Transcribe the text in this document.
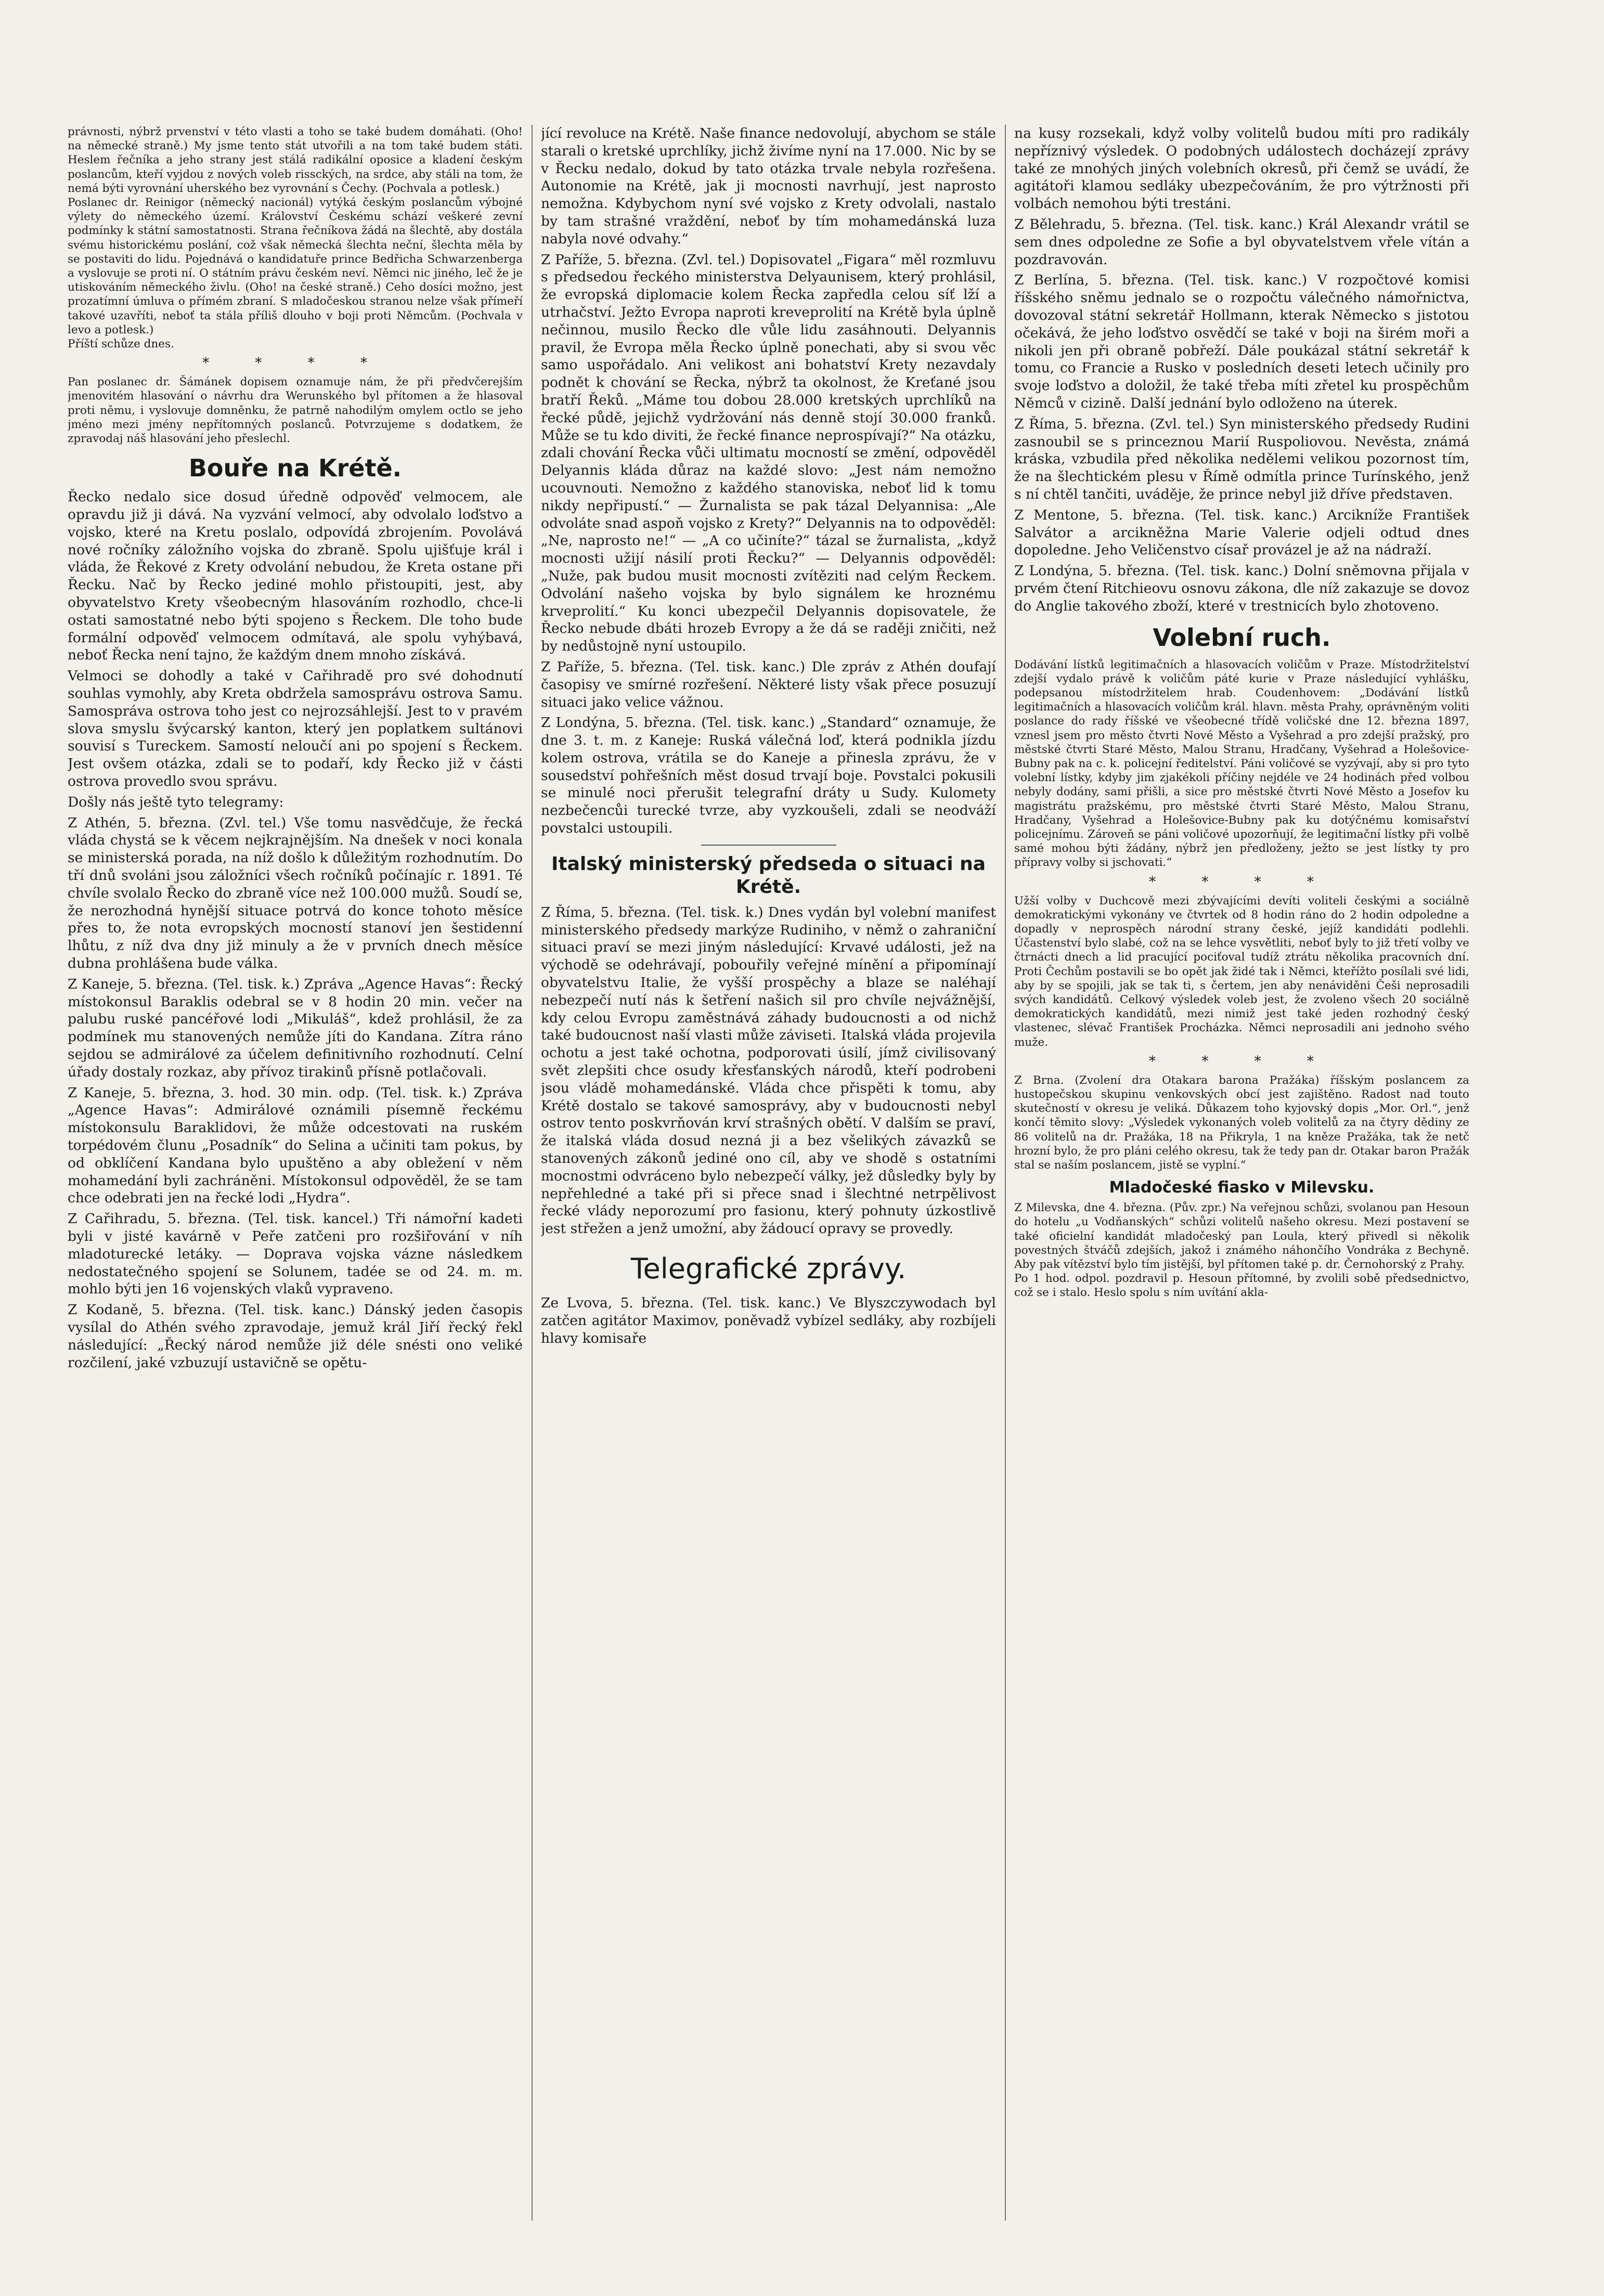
právnosti, nýbrž prvenství v této vlasti a toho se také budem domáhati. (Oho! na německé straně.) My jsme tento stát utvořili a na tom také budem státi. Heslem řečníka a jeho strany jest stálá radikální oposice a kladení českým poslancům, kteří vyjdou z nových voleb rissckých, na srdce, aby stáli na tom, že nemá býti vyrovnání uherského bez vyrovnání s Čechy. (Pochvala a potlesk.)

Poslanec dr. Reinigor (německý nacionál) vytýká českým poslancům výbojné výlety do německého území. Království Českému schází veškeré zevní podmínky k státní samostatnosti. Strana řečníkova žádá na šlechtě, aby dostála svému historickému poslání, což však německá šlechta neční, šlechta měla by se postaviti do lidu. Pojednává o kandidatuře prince Bedřicha Schwarzenberga a vyslovuje se proti ní. O státním právu českém neví. Němci nic jiného, leč že je utiskováním německého živlu. (Oho! na české straně.) Ceho dosíci možno, jest prozatímní úmluva o přímém zbraní. S mladočeskou stranou nelze však přímeří takové uzavříti, neboť ta stála příliš dlouho v boji proti Němcům. (Pochvala v levo a potlesk.)

Příští schůze dnes.

* * * *

Pan poslanec dr. Šámánek dopisem oznamuje nám, že při předvčerejším jmenovitém hlasování o návrhu dra Werunského byl přítomen a že hlasoval proti němu, i vyslovuje domněnku, že patrně nahodilým omylem octlo se jeho jméno mezi jmény nepřítomných poslanců. Potvrzujeme s dodatkem, že zpravodaj náš hlasování jeho přeslechl.

Bouře na Krétě.

Řecko nedalo sice dosud úředně odpověď velmocem, ale opravdu již ji dává. Na vyzvání velmocí, aby odvolalo loďstvo a vojsko, které na Kretu poslalo, odpovídá zbrojením. Povolává nové ročníky záložního vojska do zbraně. Spolu ujišťuje král i vláda, že Řekové z Krety odvolání nebudou, že Kreta ostane při Řecku. Nač by Řecko jediné mohlo přistoupiti, jest, aby obyvatelstvo Krety všeobecným hlasováním rozhodlo, chce-li ostati samostatné nebo býti spojeno s Řeckem. Dle toho bude formální odpověď velmocem odmítavá, ale spolu vyhýbavá, neboť Řecka není tajno, že každým dnem mnoho získává.

Velmoci se dohodly a také v Cařihradě pro své dohodnutí souhlas vymohly, aby Kreta obdržela samosprávu ostrova Samu. Samospráva ostrova toho jest co nejrozsáhlejší. Jest to v pravém slova smyslu švýcarský kanton, který jen poplatkem sultánovi souvisí s Tureckem. Samostí neloučí ani po spojení s Řeckem. Jest ovšem otázka, zdali se to podaří, kdy Řecko již v části ostrova provedlo svou správu.

Došly nás ještě tyto telegramy:

Z Athén, 5. března. (Zvl. tel.) Vše tomu nasvědčuje, že řecká vláda chystá se k věcem nejkrajnějším. Na dnešek v noci konala se ministerská porada, na níž došlo k důležitým rozhodnutím. Do tří dnů svoláni jsou záložníci všech ročníků počínajíc r. 1891. Té chvíle svolalo Řecko do zbraně více než 100.000 mužů. Soudí se, že nerozhodná hynější situace potrvá do konce tohoto měsíce přes to, že nota evropských mocností stanoví jen šestidenní lhůtu, z níž dva dny již minuly a že v prvních dnech měsíce dubna prohlášena bude válka.

Z Kaneje, 5. března. (Tel. tisk. k.) Zpráva „Agence Havas“: Řecký místokonsul Baraklis odebral se v 8 hodin 20 min. večer na palubu ruské pancéřové lodi „Mikuláš“, kdež prohlásil, že za podmínek mu stanovených nemůže jíti do Kandana. Zítra ráno sejdou se admirálové za účelem definitivního rozhodnutí. Celní úřady dostaly rozkaz, aby přívoz tirakinů přísně potlačovali.

Z Kaneje, 5. března, 3. hod. 30 min. odp. (Tel. tisk. k.) Zpráva „Agence Havas“: Admirálové oznámili písemně řeckému místokonsulu Baraklidovi, že může odcestovati na ruském torpédovém člunu „Posadník“ do Selina a učiniti tam pokus, by od obklíčení Kandana bylo upuštěno a aby obležení v něm mohamedání byli zachráněni. Místokonsul odpověděl, že se tam chce odebrati jen na řecké lodi „Hydra“.

Z Cařihradu, 5. března. (Tel. tisk. kancel.) Tři námořní kadeti byli v jisté kavárně v Peře zatčeni pro rozšiřování v níh mladoturecké letáky. — Doprava vojska vázne následkem nedostatečného spojení se Solunem, tadée se od 24. m. m. mohlo býti jen 16 vojenských vlaků vypraveno.

Z Kodaně, 5. března. (Tel. tisk. kanc.) Dánský jeden časopis vysílal do Athén svého zpravodaje, jemuž král Jiří řecký řekl následující: „Řecký národ nemůže již déle snésti ono veliké rozčilení, jaké vzbuzují ustavičně se opětu-

jící revoluce na Krétě. Naše finance nedovolují, abychom se stále starali o kretské uprchlíky, jichž živíme nyní na 17.000. Nic by se v Řecku nedalo, dokud by tato otázka trvale nebyla rozřešena. Autonomie na Krétě, jak ji mocnosti navrhují, jest naprosto nemožna. Kdybychom nyní své vojsko z Krety odvolali, nastalo by tam strašné vraždění, neboť by tím mohamedánská luza nabyla nové odvahy.“

Z Paříže, 5. března. (Zvl. tel.) Dopisovatel „Figara“ měl rozmluvu s předsedou řeckého ministerstva Delyaunisem, který prohlásil, že evropská diplomacie kolem Řecka zapředla celou síť lží a utrhačství. Ježto Evropa naproti kreveprolití na Krétě byla úplně nečinnou, musilo Řecko dle vůle lidu zasáhnouti. Delyannis pravil, že Evropa měla Řecko úplně ponechati, aby si svou věc samo uspořádalo. Ani velikost ani bohatství Krety nezavdaly podnět k chování se Řecka, nýbrž ta okolnost, že Kreťané jsou bratří Řeků. „Máme tou dobou 28.000 kretských uprchlíků na řecké půdě, jejichž vydržování nás denně stojí 30.000 franků. Může se tu kdo diviti, že řecké finance neprospívají?“ Na otázku, zdali chování Řecka vůči ultimatu mocností se změní, odpověděl Delyannis kláda důraz na každé slovo: „Jest nám nemožno ucouvnouti. Nemožno z každého stanoviska, neboť lid k tomu nikdy nepřipustí.“ — Žurnalista se pak tázal Delyannisa: „Ale odvoláte snad aspoň vojsko z Krety?“ Delyannis na to odpověděl: „Ne, naprosto ne!“ — „A co učiníte?“ tázal se žurnalista, „když mocnosti užijí násilí proti Řecku?“ — Delyannis odpověděl: „Nuže, pak budou musit mocnosti zvítěziti nad celým Řeckem. Odvolání našeho vojska by bylo signálem ke hroznému krveprolití.“ Ku konci ubezpečil Delyannis dopisovatele, že Řecko nebude dbáti hrozeb Evropy a že dá se raději zničiti, než by nedůstojně nyní ustoupilo.

Z Paříže, 5. března. (Tel. tisk. kanc.) Dle zpráv z Athén doufají časopisy ve smírné rozřešení. Některé listy však přece posuzují situaci jako velice vážnou.

Z Londýna, 5. března. (Tel. tisk. kanc.) „Standard“ oznamuje, že dne 3. t. m. z Kaneje: Ruská válečná loď, která podnikla jízdu kolem ostrova, vrátila se do Kaneje a přinesla zprávu, že v sousedství pohřešních měst dosud trvají boje. Povstalci pokusili se minulé noci přerušit telegrafní dráty u Sudy. Kulomety nezbečencůi turecké tvrze, aby vyzkoušeli, zdali se neodváží povstalci ustoupili.

Italský ministerský předseda o situaci na Krétě.

Z Říma, 5. března. (Tel. tisk. k.) Dnes vydán byl volební manifest ministerského předsedy markýze Rudiniho, v němž o zahraniční situaci praví se mezi jiným následující: Krvavé události, jež na východě se odehrávají, pobouřily veřejné mínění a připomínají obyvatelstvu Italie, že vyšší prospěchy a blaze se naléhají nebezpečí nutí nás k šetření našich sil pro chvíle nejvážnější, kdy celou Evropu zaměstnává záhady budoucnosti a od nichž také budoucnost naší vlasti může záviseti. Italská vláda projevila ochotu a jest také ochotna, podporovati úsilí, jímž civilisovaný svět zlepšiti chce osudy křesťanských národů, kteří podrobeni jsou vládě mohamedánské. Vláda chce přispěti k tomu, aby Krétě dostalo se takové samosprávy, aby v budoucnosti nebyl ostrov tento poskvrňován krví strašných obětí. V dalším se praví, že italská vláda dosud nezná ji a bez všelikých závazků se stanovených zákonů jediné ono cíl, aby ve shodě s ostatními mocnostmi odvráceno bylo nebezpečí války, jež důsledky byly by nepřehledné a také při si přece snad i šlechtné netrpělivost řecké vlády neporozumí pro fasionu, který pohnuty úzkostlivě jest střežen a jenž umožní, aby žádoucí opravy se provedly.

Telegrafické zprávy.

Ze Lvova, 5. března. (Tel. tisk. kanc.) Ve Blyszczywodach byl zatčen agitátor Maximov, poněvadž vybízel sedláky, aby rozbíjeli hlavy komisaře

na kusy rozsekali, když volby volitelů budou míti pro radikály nepříznivý výsledek. O podobných událostech docházejí zprávy také ze mnohých jiných volebních okresů, při čemž se uvádí, že agitátoři klamou sedláky ubezpečováním, že pro výtržnosti při volbách nemohou býti trestáni.

Z Bělehradu, 5. března. (Tel. tisk. kanc.) Král Alexandr vrátil se sem dnes odpoledne ze Sofie a byl obyvatelstvem vřele vítán a pozdravován.

Z Berlína, 5. března. (Tel. tisk. kanc.) V rozpočtové komisi říšského sněmu jednalo se o rozpočtu válečného námořnictva, dovozoval státní sekretář Hollmann, kterak Německo s jistotou očekává, že jeho loďstvo osvědčí se také v boji na širém moři a nikoli jen při obraně pobřeží. Dále poukázal státní sekretář k tomu, co Francie a Rusko v posledních deseti letech učinily pro svoje loďstvo a doložil, že také třeba míti zřetel ku prospěchům Němců v cizině. Další jednání bylo odloženo na úterek.

Z Říma, 5. března. (Zvl. tel.) Syn ministerského předsedy Rudini zasnoubil se s princeznou Marií Ruspoliovou. Nevěsta, známá kráska, vzbudila před několika nedělemi velikou pozornost tím, že na šlechtickém plesu v Římě odmítla prince Turínského, jenž s ní chtěl tančiti, uváděje, že prince nebyl již dříve představen.

Z Mentone, 5. března. (Tel. tisk. kanc.) Arcikníže František Salvátor a arcikněžna Marie Valerie odjeli odtud dnes dopoledne. Jeho Veličenstvo císař provázel je až na nádraží.

Z Londýna, 5. března. (Tel. tisk. kanc.) Dolní sněmovna přijala v prvém čtení Ritchieovu osnovu zákona, dle níž zakazuje se dovoz do Anglie takového zboží, které v trestnicích bylo zhotoveno.

Volební ruch.

Dodávání lístků legitimačních a hlasovacích voličům v Praze. Místodržitelství zdejší vydalo právě k voličům páté kurie v Praze následující vyhlášku, podepsanou místodržitelem hrab. Coudenhovem: „Dodávání lístků legitimačních a hlasovacích voličům král. hlavn. města Prahy, oprávněným voliti poslance do rady říšské ve všeobecné třídě voličské dne 12. března 1897, vznesl jsem pro město čtvrti Nové Město a Vyšehrad a pro zdejší pražský, pro městské čtvrti Staré Město, Malou Stranu, Hradčany, Vyšehrad a Holešovice-Bubny pak na c. k. policejní ředitelství. Páni voličové se vyzývají, aby si pro tyto volební lístky, kdyby jim zjakékoli příčiny nejdéle ve 24 hodinách před volbou nebyly dodány, sami přišli, a sice pro městské čtvrti Nové Město a Josefov ku magistrátu pražskému, pro městské čtvrti Staré Město, Malou Stranu, Hradčany, Vyšehrad a Holešovice-Bubny pak ku dotýčnému komisařství policejnímu. Zároveň se páni voličové upozorňují, že legitimační lístky při volbě samé mohou býti žádány, nýbrž jen předloženy, ježto se jest lístky ty pro přípravy volby si jschovati.“

* * * *

Užší volby v Duchcově mezi zbývajícími devíti voliteli českými a sociálně demokratickými vykonány ve čtvrtek od 8 hodin ráno do 2 hodin odpoledne a dopadly v neprospěch národní strany české, jejíž kandidáti podlehli. Účastenství bylo slabé, což na se lehce vysvětliti, neboť byly to již třetí volby ve čtrnácti dnech a lid pracující pociťoval tudíž ztrátu několika pracovních dní. Proti Čechům postavili se bo opět jak židé tak i Němci, kteřížto posílali své lidi, aby by se spojili, jak se tak ti, s čertem, jen aby nenáviděni Češi neprosadili svých kandidátů. Celkový výsledek voleb jest, že zvoleno všech 20 sociálně demokratických kandidátů, mezi nimiž jest také jeden rozhodný český vlastenec, slévač František Procházka. Němci neprosadili ani jednoho svého muže.

* * * *

Z Brna. (Zvolení dra Otakara barona Pražáka) říšským poslancem za hustopečskou skupinu venkovských obcí jest zajištěno. Radost nad touto skutečností v okresu je veliká. Důkazem toho kyjovský dopis „Mor. Orl.“, jenž končí těmito slovy: „Výsledek vykonaných voleb volitelů za na čtyry dědiny ze 86 volitelů na dr. Pražáka, 18 na Přikryla, 1 na kněze Pražáka, tak že netč hrozní bylo, že pro pláni celého okresu, tak že tedy pan dr. Otakar baron Pražák stal se naším poslancem, jistě se vyplní.“

Mladočeské fiasko v Milevsku.

Z Milevska, dne 4. března. (Pův. zpr.) Na veřejnou schůzi, svolanou pan Hesoun do hotelu „u Vodňanských“ schůzi volitelů našeho okresu. Mezi postavení se také oficielní kandidát mladočeský pan Loula, který přivedl si několik povestných štváčů zdejších, jakož i známého náhončího Vondráka z Bechyně. Aby pak vítězství bylo tím jistější, byl přítomen také p. dr. Černohorský z Prahy.

Po 1 hod. odpol. pozdravil p. Hesoun přítomné, by zvolili sobě předsednictvo, což se i stalo. Heslo spolu s ním uvítání akla-
